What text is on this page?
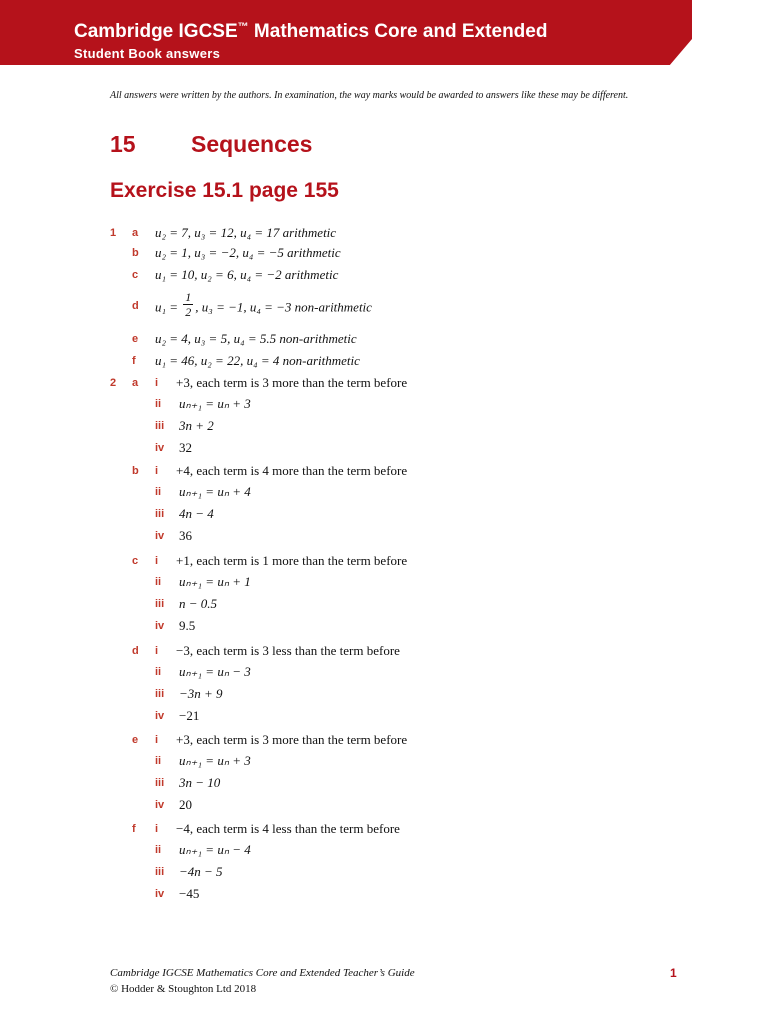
Cambridge IGCSE™ Mathematics Core and Extended
Student Book answers
All answers were written by the authors. In examination, the way marks would be awarded to answers like these may be different.
15 Sequences
Exercise 15.1 page 155
1 a u₂ = 7, u₃ = 12, u₄ = 17 arithmetic
b u₂ = 1, u₃ = −2, u₄ = −5 arithmetic
c u₁ = 10, u₂ = 6, u₄ = −2 arithmetic
d $u_1 = \frac{1}{2}$ , u₃ = −1, u₄ = −3 non-arithmetic
e u₂ = 4, u₃ = 5, u₄ = 5.5 non-arithmetic
f u₁ = 46, u₂ = 22, u₄ = 4 non-arithmetic
2 a i +3, each term is 3 more than the term before
ii uₙ₊₁ = uₙ + 3
iii 3n + 2
iv 32
b i +4, each term is 4 more than the term before
ii uₙ₊₁ = uₙ + 4
iii 4n − 4
iv 36
c i +1, each term is 1 more than the term before
ii uₙ₊₁ = uₙ + 1
iii n − 0.5
iv 9.5
d i −3, each term is 3 less than the term before
ii uₙ₊₁ = uₙ − 3
iii −3n + 9
iv −21
e i +3, each term is 3 more than the term before
ii uₙ₊₁ = uₙ + 3
iii 3n − 10
iv 20
f i −4, each term is 4 less than the term before
ii uₙ₊₁ = uₙ − 4
iii −4n − 5
iv −45
Cambridge IGCSE Mathematics Core and Extended Teacher’s Guide
© Hodder & Stoughton Ltd 2018
1
